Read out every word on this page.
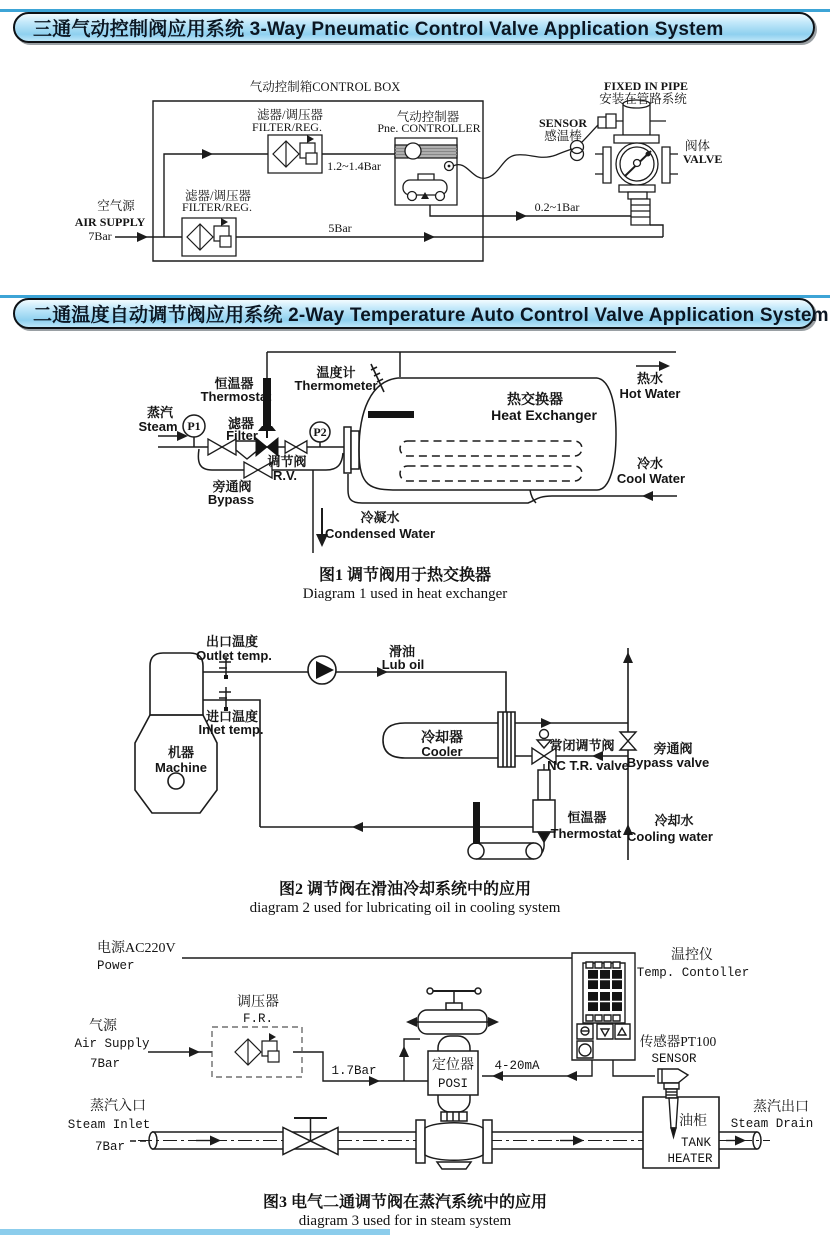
三通气动控制阀应用系统 3-Way Pneumatic Control Valve Application System
气动控制箱CONTROL BOX
滤器/调压器
FILTER/REG.
气动控制器
Pne. CONTROLLER
1.2~1.4Bar
滤器/调压器
FILTER/REG.
空气源
AIR SUPPLY
7Bar
5Bar
0.2~1Bar
SENSOR
感温棒
FIXED IN PIPE
安装在管路系统
阀体
VALVE
二通温度自动调节阀应用系统 2-Way Temperature Auto Control Valve Application System
P1	P2
恒温器
Thermostat
温度计
Thermometer
蒸汽
Steam	滤器
Filter
调节阀
R.V.
旁通阀
Bypass
热交换器
Heat Exchanger
热水
Hot Water
冷水
Cool Water
冷凝水
Condensed Water
图1 调节阀用于热交换器
Diagram 1 used in heat exchanger
出口温度
Outlet temp.	滑油
Lub oil
进口温度
Inlet temp.
机器
Machine
冷却器
Cooler	常闭调节阀
NC T.R. valve
旁通阀
Bypass valve
恒温器
Thermostat
冷却水
Cooling water
图2 调节阀在滑油冷却系统中的应用
diagram 2 used for lubricating oil in cooling system
电源AC220V
Power
调压器
F.R.
气源
Air Supply
7Bar	1.7Bar	定位器
POSI
4-20mA
温控仪
Temp. Contoller
传感器PT100
SENSOR
蒸汽入口
Steam Inlet
7Bar
油柜
TANK
HEATER
蒸汽出口
Steam Drain
图3 电气二通调节阀在蒸汽系统中的应用
diagram 3 used for in steam system
